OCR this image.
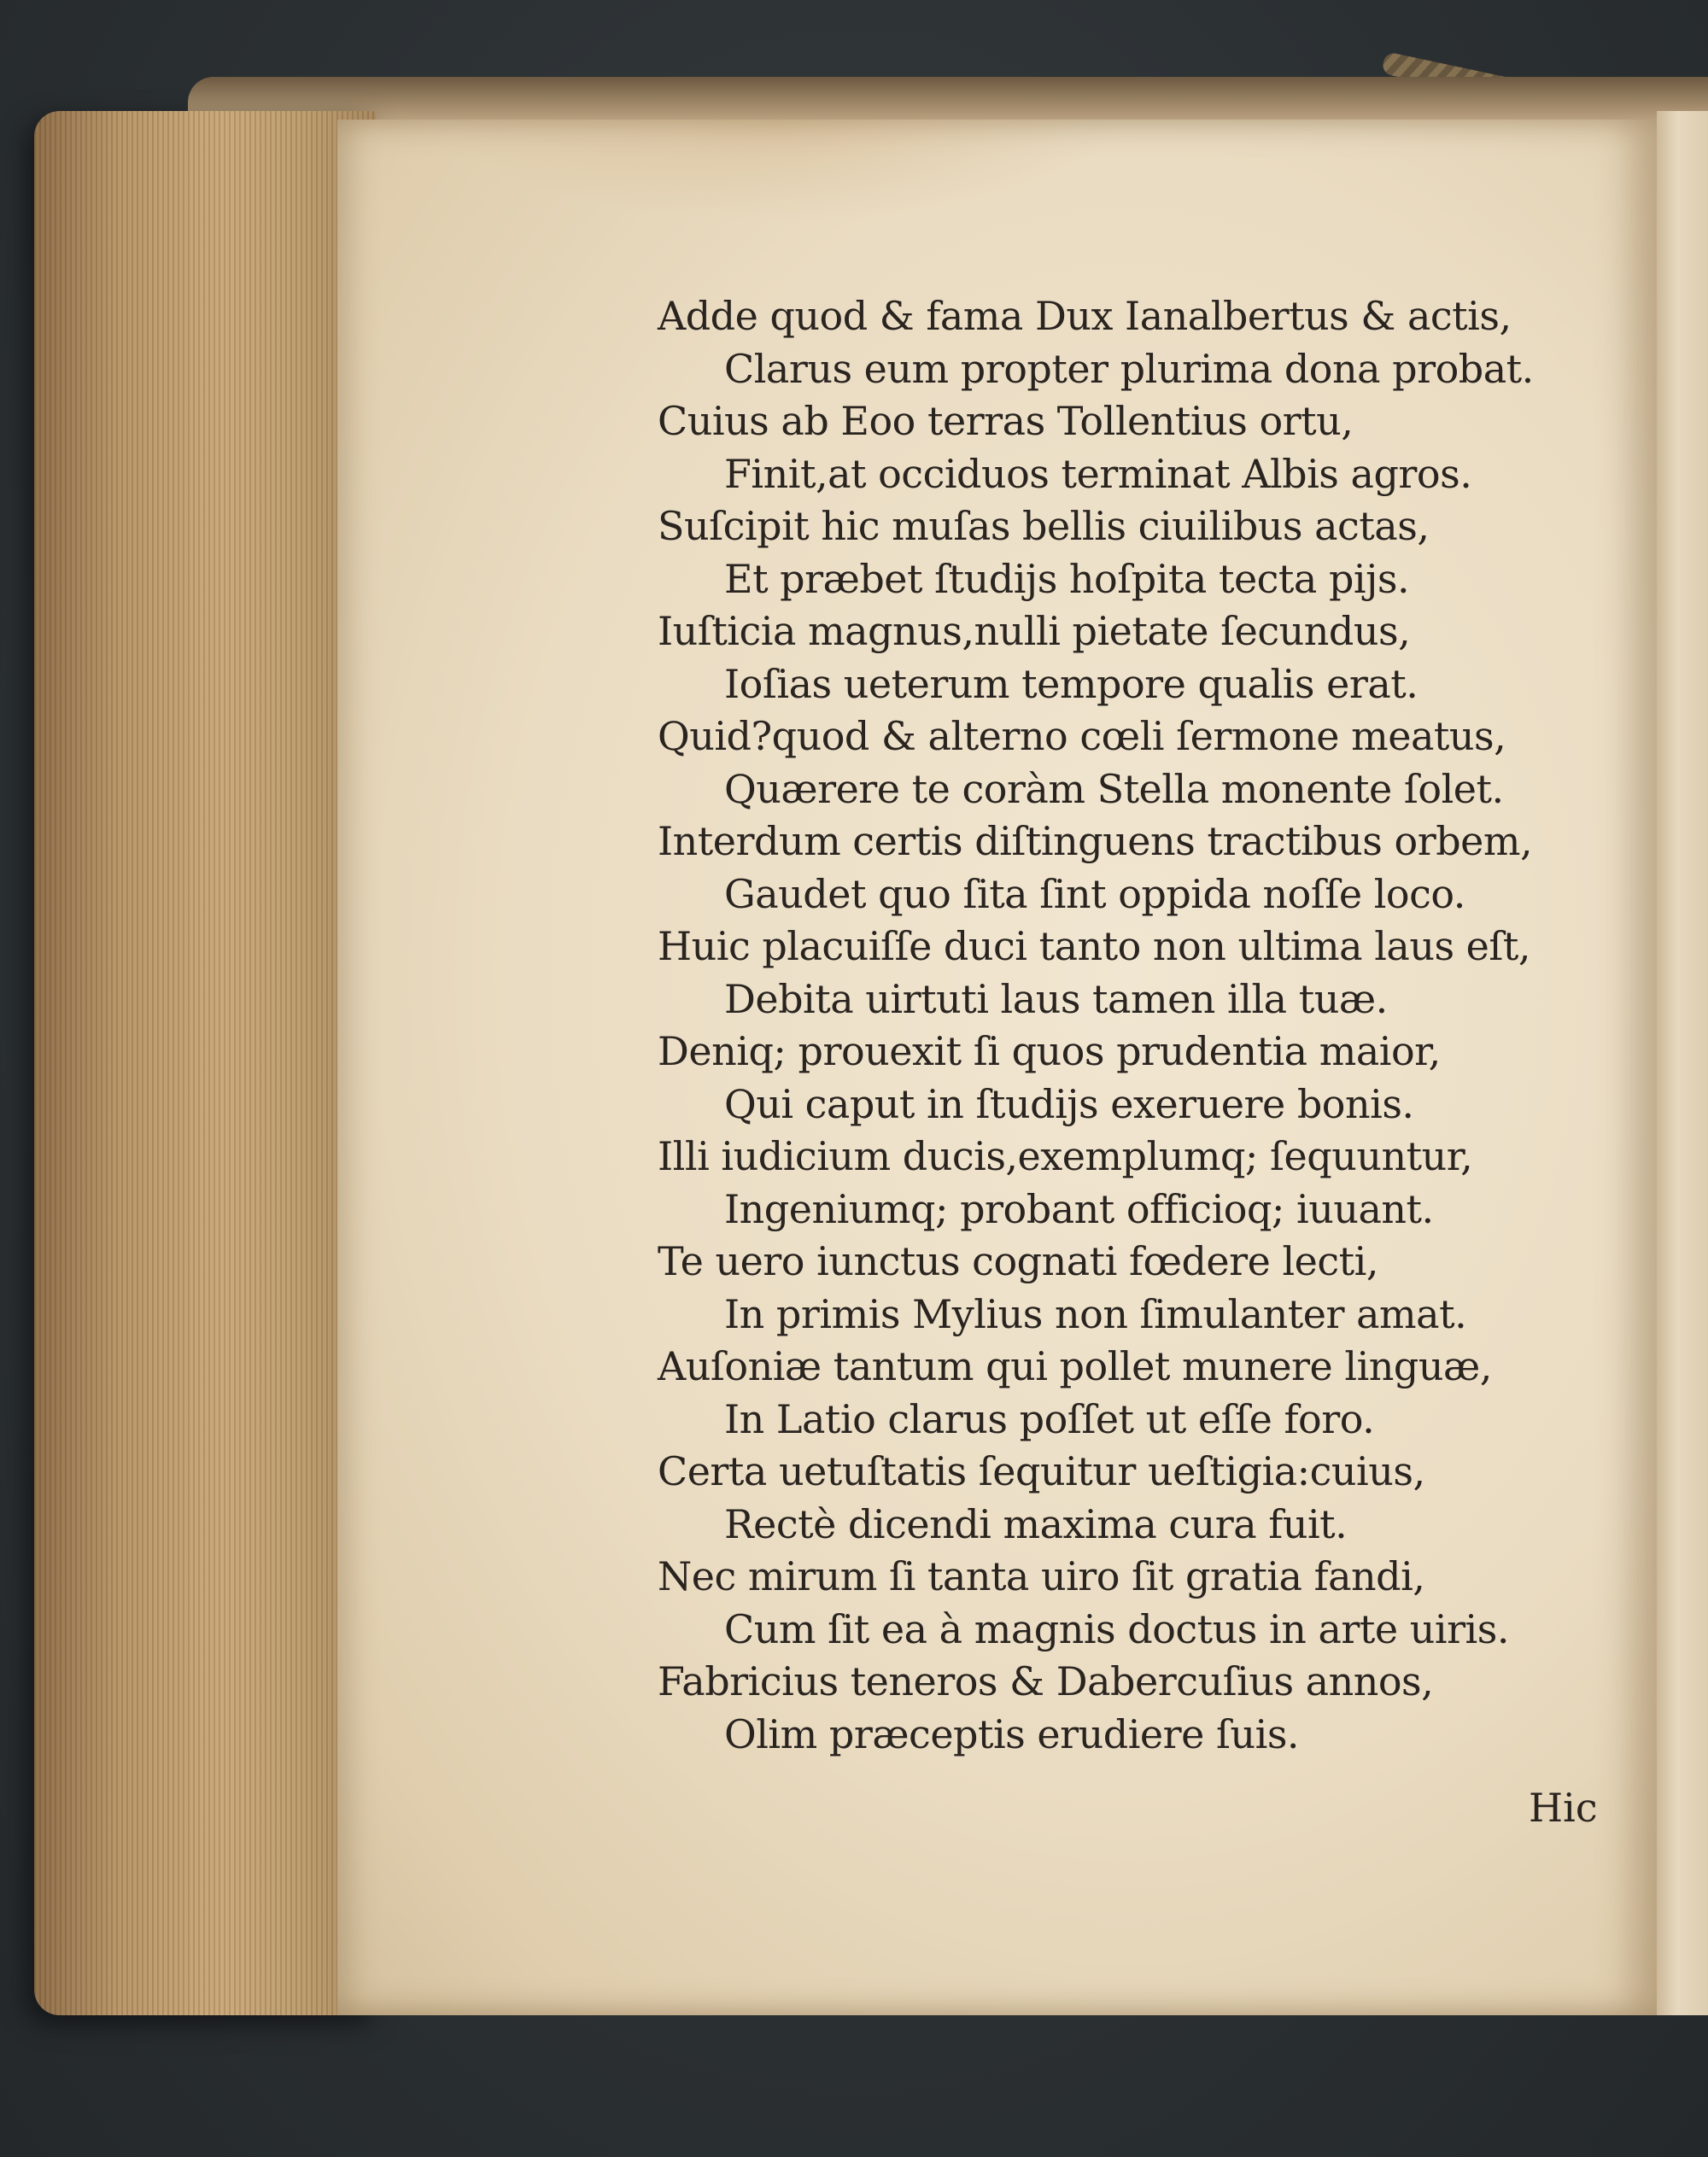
Adde quod & fama Dux Ianalbertus & actis,
Clarus eum propter plurima dona probat.
Cuius ab Eoo terras Tollentius ortu,
Finit,at occiduos terminat Albis agros.
Suſcipit hic muſas bellis ciuilibus actas,
Et præbet ſtudijs hoſpita tecta pijs.
Iuſticia magnus,nulli pietate ſecundus,
Ioſias ueterum tempore qualis erat.
Quid?quod & alterno cœli ſermone meatus,
Quærere te coràm Stella monente ſolet.
Interdum certis diſtinguens tractibus orbem,
Gaudet quo ſita ſint oppida noſſe loco.
Huic placuiſſe duci tanto non ultima laus eſt,
Debita uirtuti laus tamen illa tuæ.
Deniq; prouexit ſi quos prudentia maior,
Qui caput in ſtudijs exeruere bonis.
Illi iudicium ducis,exemplumq; ſequuntur,
Ingeniumq; probant officioq; iuuant.
Te uero iunctus cognati fœdere lecti,
In primis Mylius non ſimulanter amat.
Auſoniæ tantum qui pollet munere linguæ,
In Latio clarus poſſet ut eſſe foro.
Certa uetuſtatis ſequitur ueſtigia:cuius,
Rectè dicendi maxima cura fuit.
Nec mirum ſi tanta uiro ſit gratia fandi,
Cum ſit ea à magnis doctus in arte uiris.
Fabricius teneros & Dabercuſius annos,
Olim præceptis erudiere ſuis.
Hic
